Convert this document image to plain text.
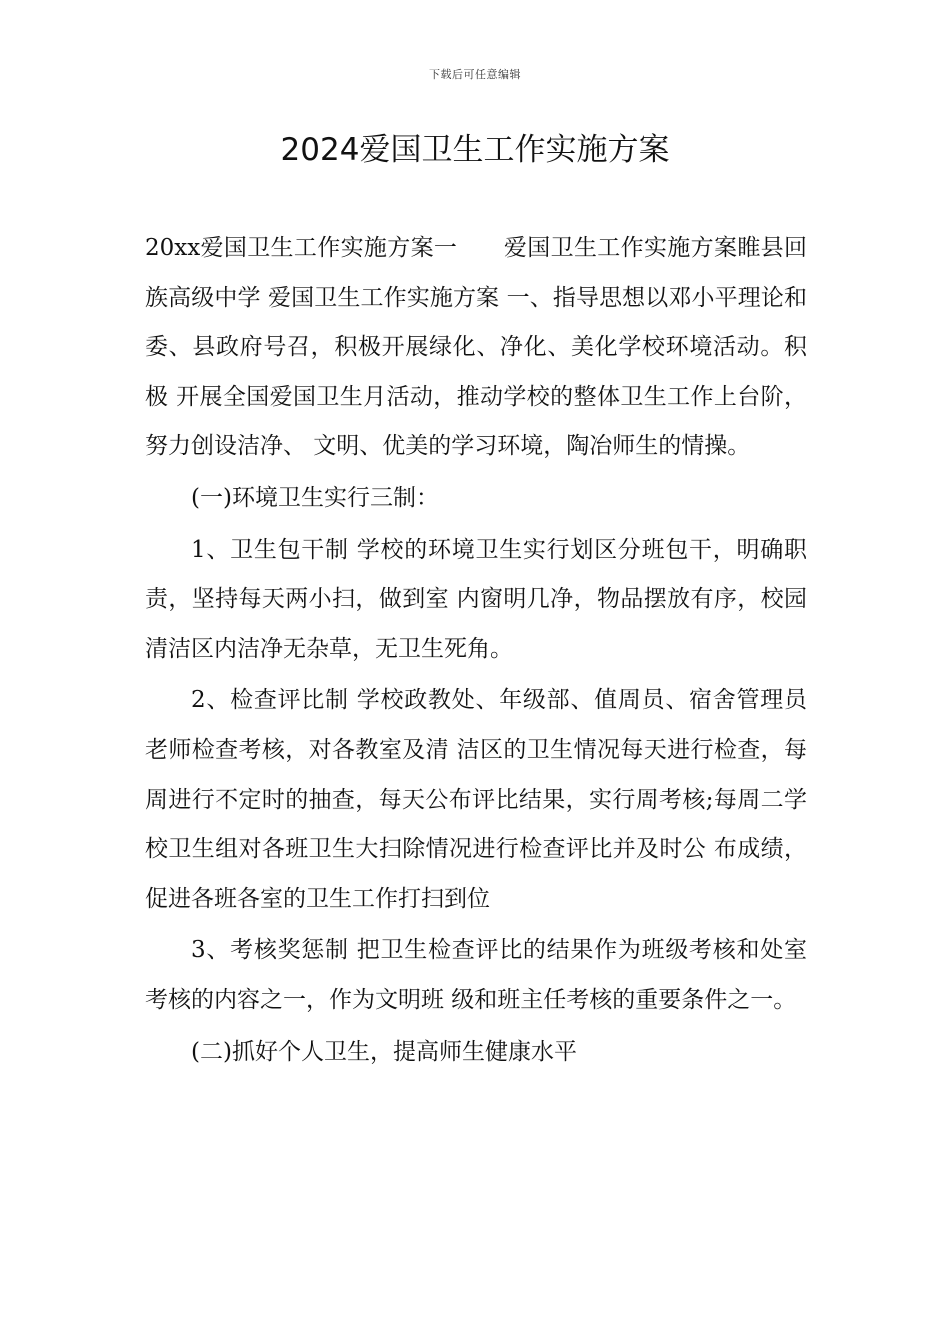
下载后可任意编辑
2024爱国卫生工作实施方案

20xx爱国卫生工作实施方案一　　爱国卫生工作实施方案睢县回族高级中学 爱国卫生工作实施方案 一、指导思想以邓小平理论和委、县政府号召，积极开展绿化、净化、美化学校环境活动。积极 开展全国爱国卫生月活动，推动学校的整体卫生工作上台阶，努力创设洁净、 文明、优美的学习环境，陶冶师生的情操。

(一)环境卫生实行三制：

1、卫生包干制 学校的环境卫生实行划区分班包干，明确职责，坚持每天两小扫，做到室 内窗明几净，物品摆放有序，校园清洁区内洁净无杂草，无卫生死角。

2、检查评比制 学校政教处、年级部、值周员、宿舍管理员老师检查考核，对各教室及清 洁区的卫生情况每天进行检查，每周进行不定时的抽查，每天公布评比结果，实行周考核;每周二学校卫生组对各班卫生大扫除情况进行检查评比并及时公 布成绩，促进各班各室的卫生工作打扫到位

3、考核奖惩制 把卫生检查评比的结果作为班级考核和处室考核的内容之一，作为文明班 级和班主任考核的重要条件之一。

(二)抓好个人卫生，提高师生健康水平
